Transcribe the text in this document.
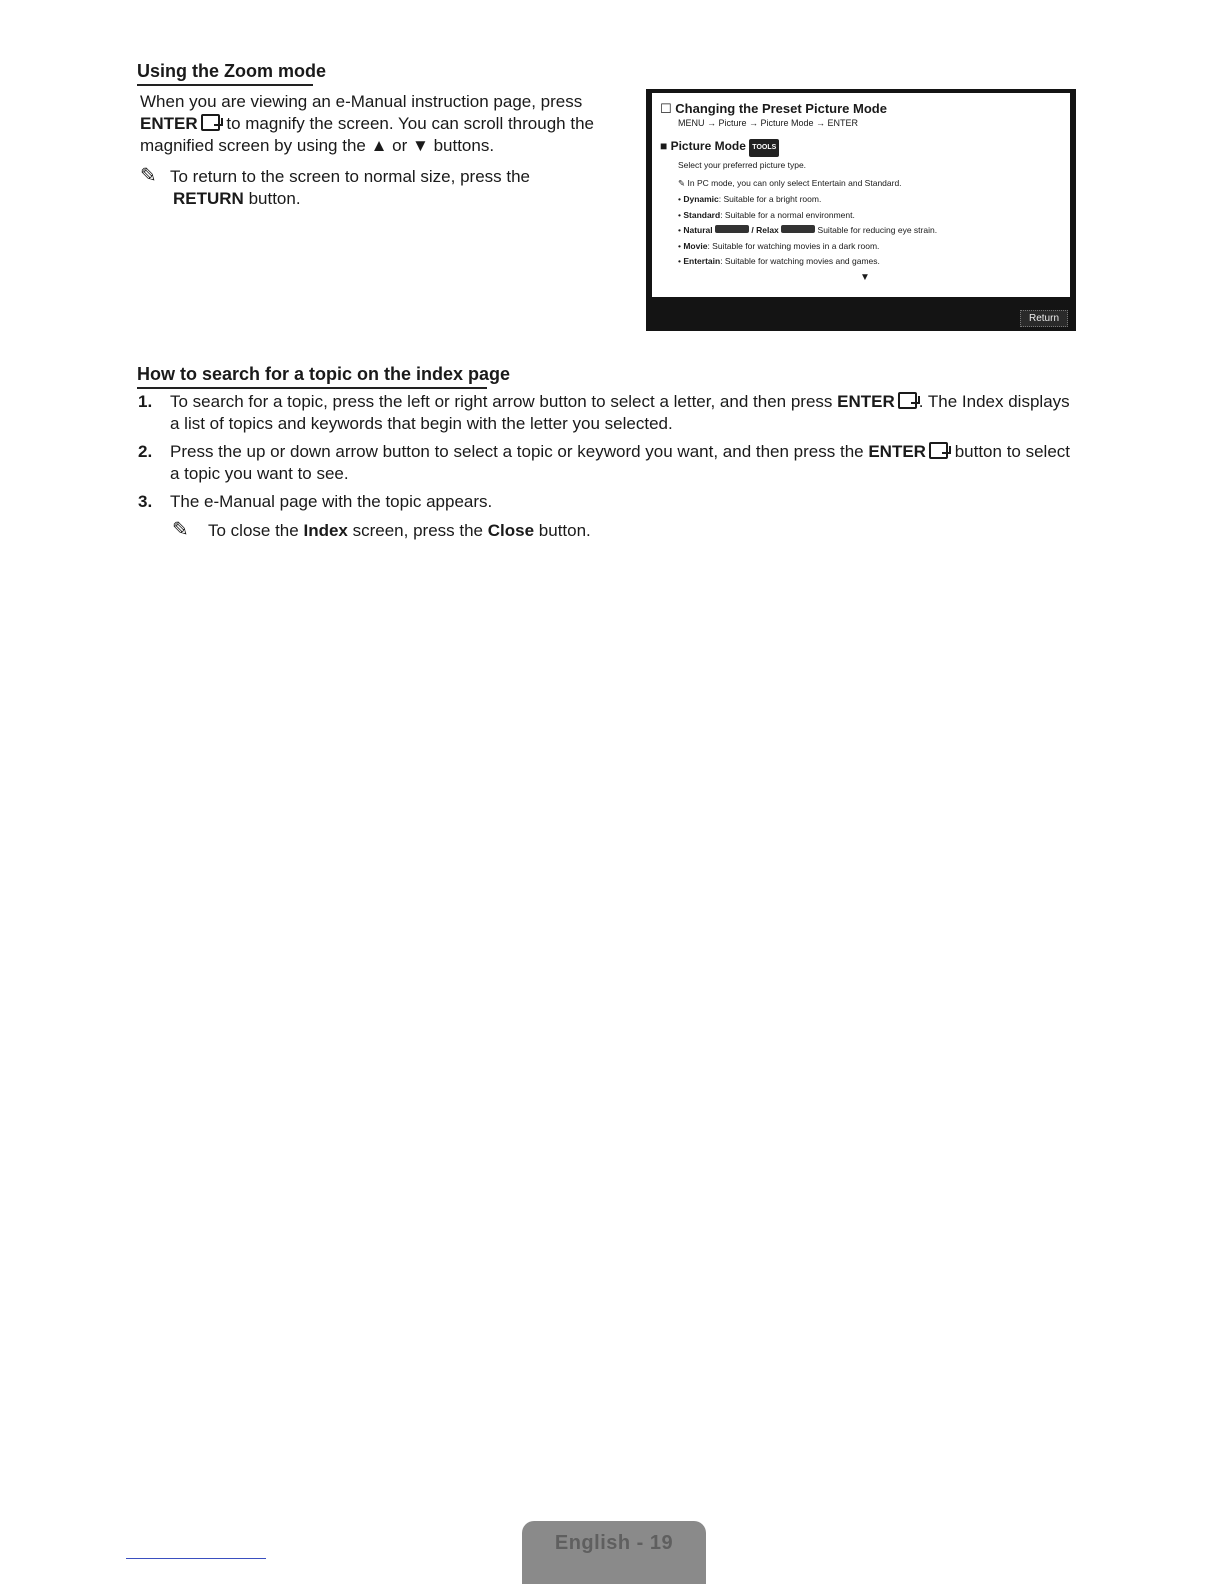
Using the Zoom mode
When you are viewing an e-Manual instruction page, press ENTER to magnify the screen. You can scroll through the magnified screen by using the ▲ or ▼ buttons.
✎ To return to the screen to normal size, press the
RETURN button.
☐ Changing the Preset Picture Mode
MENU → Picture → Picture Mode → ENTER
■ Picture Mode TOOLS
Select your preferred picture type.
✎ In PC mode, you can only select Entertain and Standard.
• Dynamic: Suitable for a bright room.
• Standard: Suitable for a normal environment.
• Natural	/ Relax	Suitable for reducing eye strain.
• Movie: Suitable for watching movies in a dark room.
• Entertain: Suitable for watching movies and games.
▼
Return
How to search for a topic on the index page
1.	To search for a topic, press the left or right arrow button to select a letter, and then press ENTER . The Index displays a list of topics and keywords that begin with the letter you selected.
2.	Press the up or down arrow button to select a topic or keyword you want, and then press the ENTER button to select a topic you want to see.
3.	The e-Manual page with the topic appears.
✎ To close the Index screen, press the Close button.
English - 19
